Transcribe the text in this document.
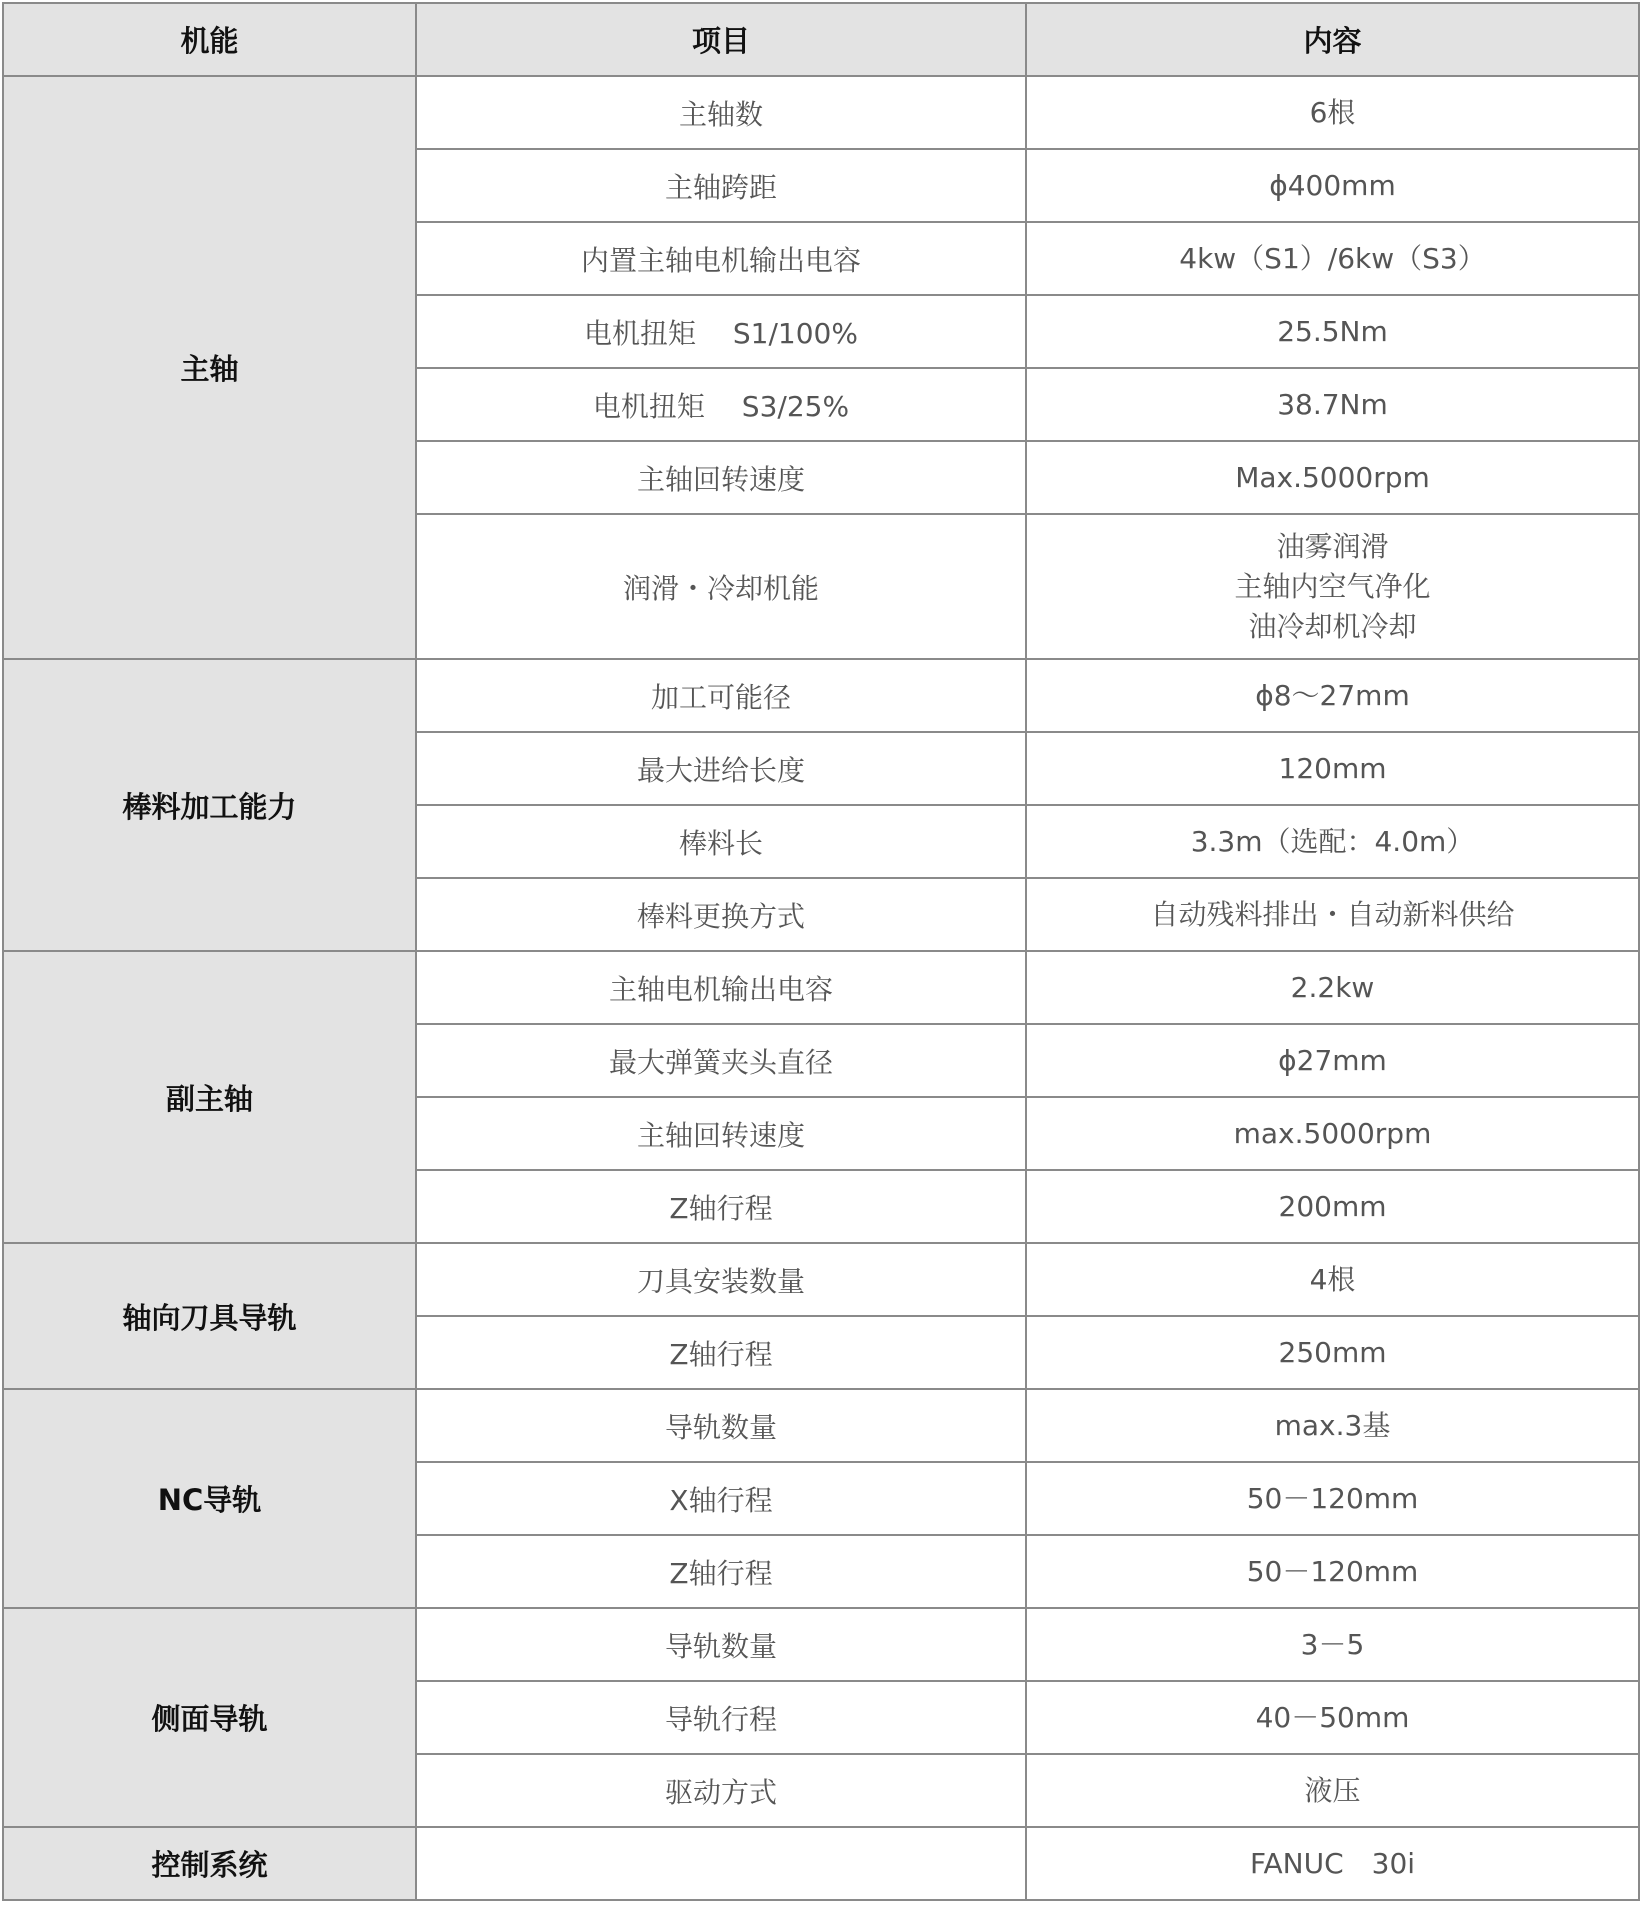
机能	项目	内容
主轴	主轴数	6根

	主轴跨距	ϕ400mm

	内置主轴电机输出电容	4kw（S1）/6kw（S3）

	电机扭矩　 S1/100%	25.5Nm

	电机扭矩　 S3/25%	38.7Nm

	主轴回转速度	Max.5000rpm

	润滑・冷却机能	油雾润滑
主轴内空气净化
油冷却机冷却

棒料加工能力	加工可能径	ϕ8～27mm

	最大进给长度	120mm

	棒料长	3.3m（选配：4.0m）

	棒料更换方式	自动残料排出・自动新料供给

副主轴	主轴电机输出电容	2.2kw

	最大弹簧夹头直径	ϕ27mm

	主轴回转速度	max.5000rpm

	Z轴行程	200mm

轴向刀具导轨	刀具安装数量	4根

	Z轴行程	250mm

NC导轨	导轨数量	max.3基

	X轴行程	50－120mm

	Z轴行程	50－120mm

侧面导轨	导轨数量	3－5

	导轨行程	40－50mm

	驱动方式	液压

控制系统		FANUC　30i
